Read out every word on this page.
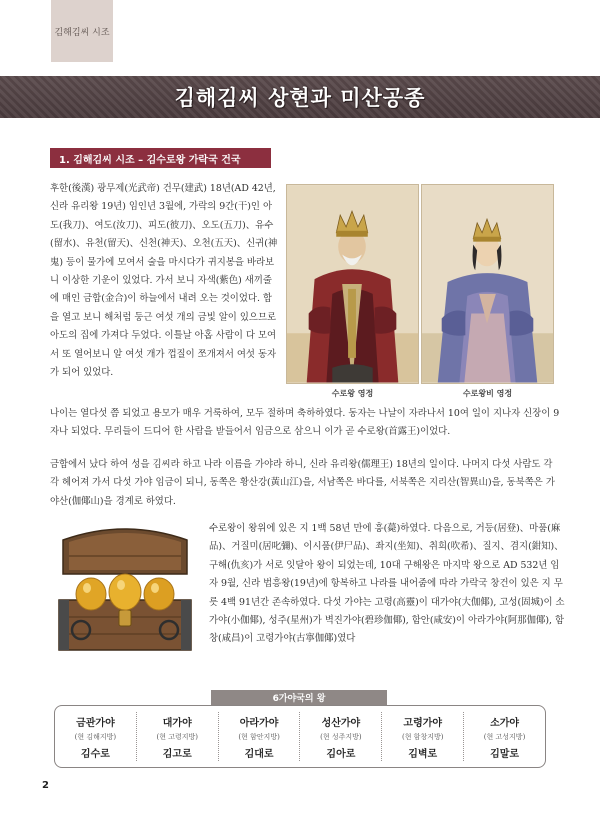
김해김씨 시조
김해김씨 상현과 미산공종
1. 김해김씨 시조 – 김수로왕 가락국 건국

후한(後漢) 광무제(光武帝) 건무(建武) 18년(AD 42년, 신라 유리왕 19년) 임인년 3월에, 가락의 9간(干)인 아도(我刀)、여도(汝刀)、피도(彼刀)、오도(五刀)、유수(留水)、유천(留天)、신천(神天)、오천(五天)、신귀(神鬼) 등이 물가에 모여서 술을 마시다가 귀지봉을 바라보니 이상한 기운이 있었다. 가서 보니 자색(紫色) 새끼줄에 매인 금합(金合)이 하늘에서 내려 오는 것이었다. 합을 열고 보니 해처럼 둥근 여섯 개의 금빛 알이 있으므로 아도의 집에 가져다 두었다. 이틀날 아홉 사람이 다 모여서 또 열어보니 알 여섯 개가 껍질이 쪼개져서 여섯 동자가 되어 있었다.

수로왕 영정	수로왕비 영정

나이는 열다섯 쯤 되었고 용모가 매우 거룩하여, 모두 절하며 축하하였다. 동자는 나날이 자라나서 10여 일이 지나자 신장이 9자나 되었다. 무리들이 드디어 한 사람을 받들어서 임금으로 삼으니 이가 곧 수로왕(首露王)이었다.

금합에서 났다 하여 성을 김씨라 하고 나라 이름을 가야라 하니, 신라 유리왕(儒理王) 18년의 일이다. 나머지 다섯 사람도 각각 헤어져 가서 다섯 가야 임금이 되니, 동쪽은 황산강(黃山江)을, 서남쪽은 바다를, 서북쪽은 지리산(智異山)을, 동북쪽은 가야산(伽倻山)을 경계로 하였다.

수로왕이 왕위에 있은 지 1백 58년 만에 훙(薨)하였다. 다음으로, 거등(居登)、마품(麻品)、거질미(居叱彌)、이시품(伊尸品)、좌지(坐知)、취희(吹希)、질지、겸지(鉗知)、구해(仇亥)가 서로 잇달아 왕이 되었는데, 10대 구해왕은 마지막 왕으로 AD 532년 임자 9월, 신라 법흥왕(19년)에 항복하고 나라를 내어줌에 따라 가락국 창건이 있은 지 무릇 4백 91년간 존속하였다. 다섯 가야는 고령(高靈)이 대가야(大伽倻), 고성(固城)이 소가야(小伽倻), 성주(星州)가 벽진가야(碧珍伽倻), 함안(咸安)이 아라가야(阿那伽倻), 함창(咸昌)이 고령가야(古寧伽倻)였다

6가야국의 왕
금관가야
(현 김해지방)
김수로
대가야
(현 고령지방)
김고로
아라가야
(현 함안지방)
김대로
성산가야
(현 성주지방)
김아로
고령가야
(현 함창지방)
김벽로
소가야
(현 고성지방)
김말로
2
